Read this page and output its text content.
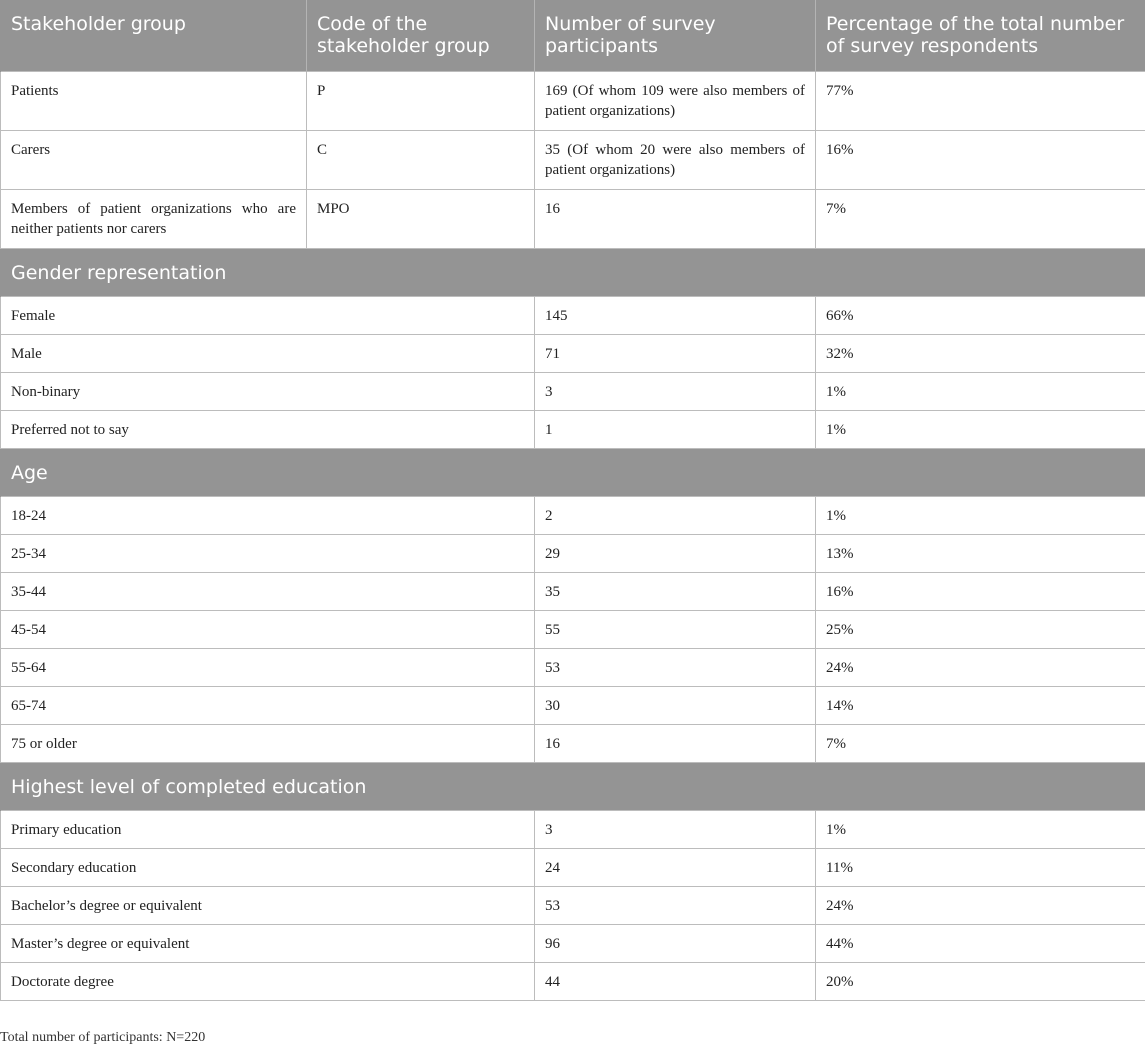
Stakeholder group	Code of the stakeholder group	Number of survey participants	Percentage of the total number of survey respondents
Patients	P	169 (Of whom 109 were also members of patient organizations)	77%
Carers	C	35 (Of whom 20 were also members of patient organizations)	16%
Members of patient organizations who are neither patients nor carers	MPO	16	7%
Gender representation			
Female		145	66%
Male		71	32%
Non-binary		3	1%
Preferred not to say		1	1%
Age			
18-24		2	1%
25-34		29	13%
35-44		35	16%
45-54		55	25%
55-64		53	24%
65-74		30	14%
75 or older		16	7%
Highest level of completed education			
Primary education		3	1%
Secondary education		24	11%
Bachelor’s degree or equivalent		53	24%
Master’s degree or equivalent		96	44%
Doctorate degree		44	20%
Total number of participants: N=220
